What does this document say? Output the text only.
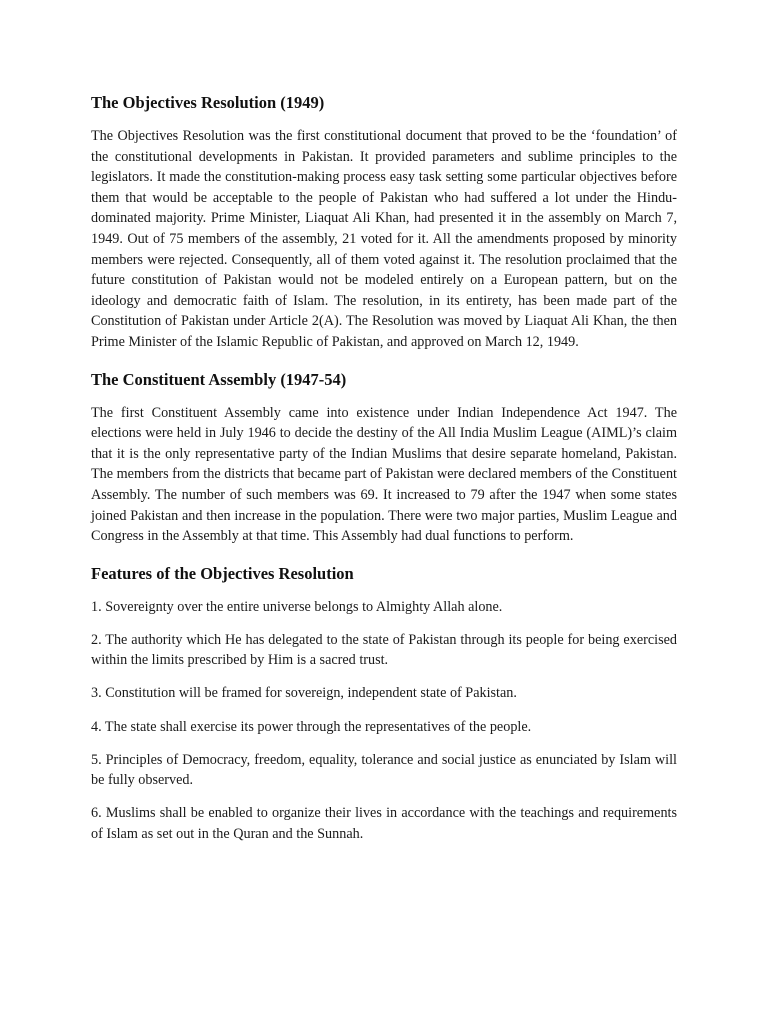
The Objectives Resolution (1949)

The Objectives Resolution was the first constitutional document that proved to be the ‘foundation’ of the constitutional developments in Pakistan. It provided parameters and sublime principles to the legislators. It made the constitution-making process easy task setting some particular objectives before them that would be acceptable to the people of Pakistan who had suffered a lot under the Hindu-dominated majority. Prime Minister, Liaquat Ali Khan, had presented it in the assembly on March 7, 1949. Out of 75 members of the assembly, 21 voted for it. All the amendments proposed by minority members were rejected. Consequently, all of them voted against it. The resolution proclaimed that the future constitution of Pakistan would not be modeled entirely on a European pattern, but on the ideology and democratic faith of Islam. The resolution, in its entirety, has been made part of the Constitution of Pakistan under Article 2(A). The Resolution was moved by Liaquat Ali Khan, the then Prime Minister of the Islamic Republic of Pakistan, and approved on March 12, 1949.

The Constituent Assembly (1947-54)

The first Constituent Assembly came into existence under Indian Independence Act 1947. The elections were held in July 1946 to decide the destiny of the All India Muslim League (AIML)’s claim that it is the only representative party of the Indian Muslims that desire separate homeland, Pakistan. The members from the districts that became part of Pakistan were declared members of the Constituent Assembly. The number of such members was 69. It increased to 79 after the 1947 when some states joined Pakistan and then increase in the population. There were two major parties, Muslim League and Congress in the Assembly at that time. This Assembly had dual functions to perform.

Features of the Objectives Resolution
1. Sovereignty over the entire universe belongs to Almighty Allah alone.
2. The authority which He has delegated to the state of Pakistan through its people for being exercised within the limits prescribed by Him is a sacred trust.
3. Constitution will be framed for sovereign, independent state of Pakistan.
4. The state shall exercise its power through the representatives of the people.
5. Principles of Democracy, freedom, equality, tolerance and social justice as enunciated by Islam will be fully observed.
6. Muslims shall be enabled to organize their lives in accordance with the teachings and requirements of Islam as set out in the Quran and the Sunnah.
